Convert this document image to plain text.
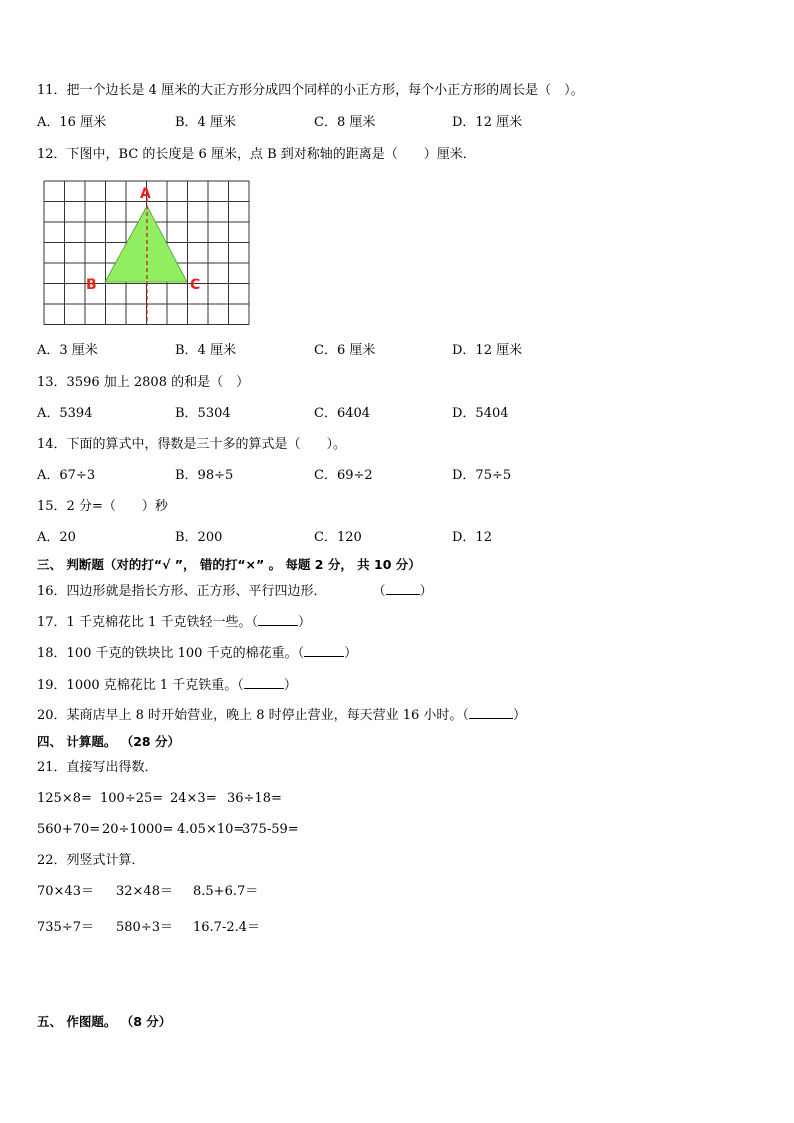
11．把一个边长是 4 厘米的大正方形分成四个同样的小正方形，每个小正方形的周长是（　）。
A．16 厘米	B．4 厘米	C．8 厘米	D．12 厘米
12．下图中，BC 的长度是 6 厘米，点 B 到对称轴的距离是（　　）厘米．
A
B	C
A．3 厘米	B．4 厘米	C．6 厘米	D．12 厘米
13．3596 加上 2808 的和是（　）
A．5394	B．5304	C．6404	D．5404
14．下面的算式中，得数是三十多的算式是（　　）。
A．67÷3	B．98÷5	C．69÷2	D．75÷5
15．2 分=（　　）秒
A．20	B．200	C．120	D．12
三、 判断题（对的打“√ ”， 错的打“×” 。 每题 2 分， 共 10 分）
16．四边形就是指长方形、正方形、平行四边形．	（	）
17．1 千克棉花比 1 千克铁轻一些。（	）
18．100 千克的铁块比 100 千克的棉花重。（	）
19．1000 克棉花比 1 千克铁重。（	）
20．某商店早上 8 时开始营业，晚上 8 时停止营业，每天营业 16 小时。（	）
四、 计算题。 （28 分）
21．直接写出得数．
125×8= 100÷25= 24×3= 36÷18=
560+70= 20÷1000= 4.05×10=
375-59=
22．列竖式计算．
70×43＝ 32×48＝ 8.5+6.7＝
735÷7＝ 580÷3＝ 16.7-2.4＝
五、 作图题。 （8 分）
